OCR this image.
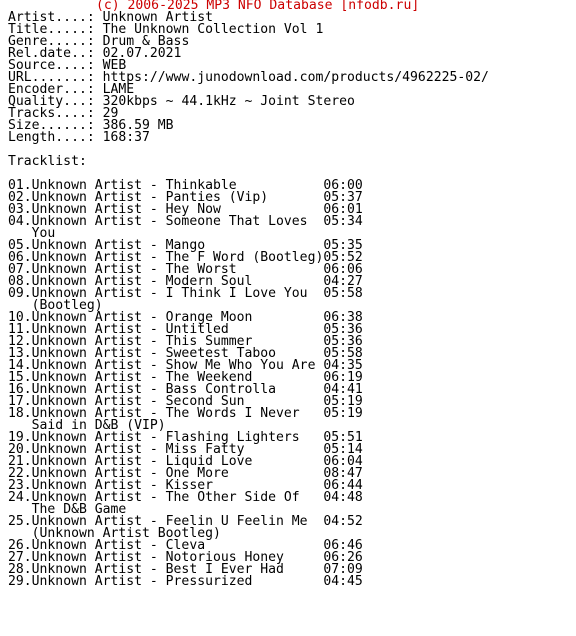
(c) 2006-2025 MP3 NFO Database [nfodb.ru]
Artist....: Unknown Artist
Title.....: The Unknown Collection Vol 1
Genre.....: Drum & Bass
Rel.date..: 02.07.2021
Source....: WEB
URL.......: https://www.junodownload.com/products/4962225-02/
Encoder...: LAME
Quality...: 320kbps ~ 44.1kHz ~ Joint Stereo
Tracks....: 29
Size......: 386.59 MB
Length....: 168:37

Tracklist:

01.Unknown Artist - Thinkable	06:00
02.Unknown Artist - Panties (Vip)	05:37
03.Unknown Artist - Hey Now	06:01
04.Unknown Artist - Someone That Loves 05:34
You
05.Unknown Artist - Mango	05:35
06.Unknown Artist - The F Word (Bootleg)05:52
07.Unknown Artist - The Worst	06:06
08.Unknown Artist - Modern Soul	04:27
09.Unknown Artist - I Think I Love You 05:58
(Bootleg)
10.Unknown Artist - Orange Moon	06:38
11.Unknown Artist - Untitled	05:36
12.Unknown Artist - This Summer	05:36
13.Unknown Artist - Sweetest Taboo	05:58
14.Unknown Artist - Show Me Who You Are 04:35
15.Unknown Artist - The Weekend	06:19
16.Unknown Artist - Bass Controlla	04:41
17.Unknown Artist - Second Sun	05:19
18.Unknown Artist - The Words I Never 05:19
Said in D&B (VIP)
19.Unknown Artist - Flashing Lighters 05:51
20.Unknown Artist - Miss Fatty	05:14
21.Unknown Artist - Liquid Love	06:04
22.Unknown Artist - One More	08:47
23.Unknown Artist - Kisser	06:44
24.Unknown Artist - The Other Side Of 04:48
The D&B Game
25.Unknown Artist - Feelin U Feelin Me 04:52
(Unknown Artist Bootleg)
26.Unknown Artist - Cleva	06:46
27.Unknown Artist - Notorious Honey	06:26
28.Unknown Artist - Best I Ever Had	07:09
29.Unknown Artist - Pressurized	04:45
